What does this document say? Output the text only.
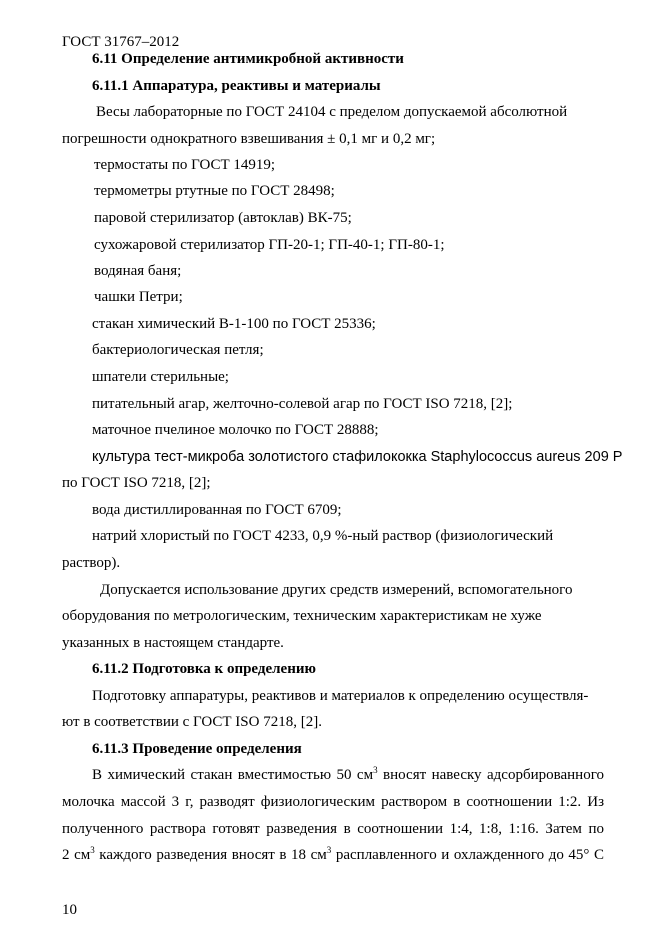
ГОСТ 31767–2012
6.11 Определение антимикробной активности
6.11.1 Аппаратура, реактивы и материалы
Весы лабораторные по ГОСТ 24104 с пределом допускаемой абсолютной
погрешности однократного взвешивания ± 0,1 мг и 0,2 мг;
термостаты по ГОСТ 14919;
термометры ртутные по ГОСТ 28498;
паровой стерилизатор (автоклав) ВК-75;
сухожаровой стерилизатор ГП-20-1; ГП-40-1; ГП-80-1;
водяная баня;
чашки Петри;
стакан химический В-1-100 по ГОСТ 25336;
бактериологическая петля;
шпатели стерильные;
питательный агар, желточно-солевой агар по ГОСТ ISO 7218, [2];
маточное пчелиное молочко по ГОСТ 28888;
культура тест-микроба золотистого стафилококка Staphylococcus aureus 209 P
по ГОСТ ISO 7218, [2];
вода дистиллированная по ГОСТ 6709;
натрий хлористый по ГОСТ 4233, 0,9 %-ный раствор (физиологический
раствор).
Допускается использование других средств измерений, вспомогательного
оборудования по метрологическим, техническим характеристикам не хуже
указанных в настоящем стандарте.
6.11.2 Подготовка к определению
Подготовку аппаратуры, реактивов и материалов к определению осуществля-
ют в соответствии с ГОСТ ISO 7218, [2].
6.11.3 Проведение определения
В химический стакан вместимостью 50 $см^3$ вносят навеску адсорбированного
молочка массой 3 г, разводят физиологическим раствором в соотношении 1:2. Из
полученного раствора готовят разведения в соотношении 1:4, 1:8, 1:16. Затем по
2 $см^3$ каждого разведения вносят в 18 $см^3$ расплавленного и охлажденного до 45° С
10
